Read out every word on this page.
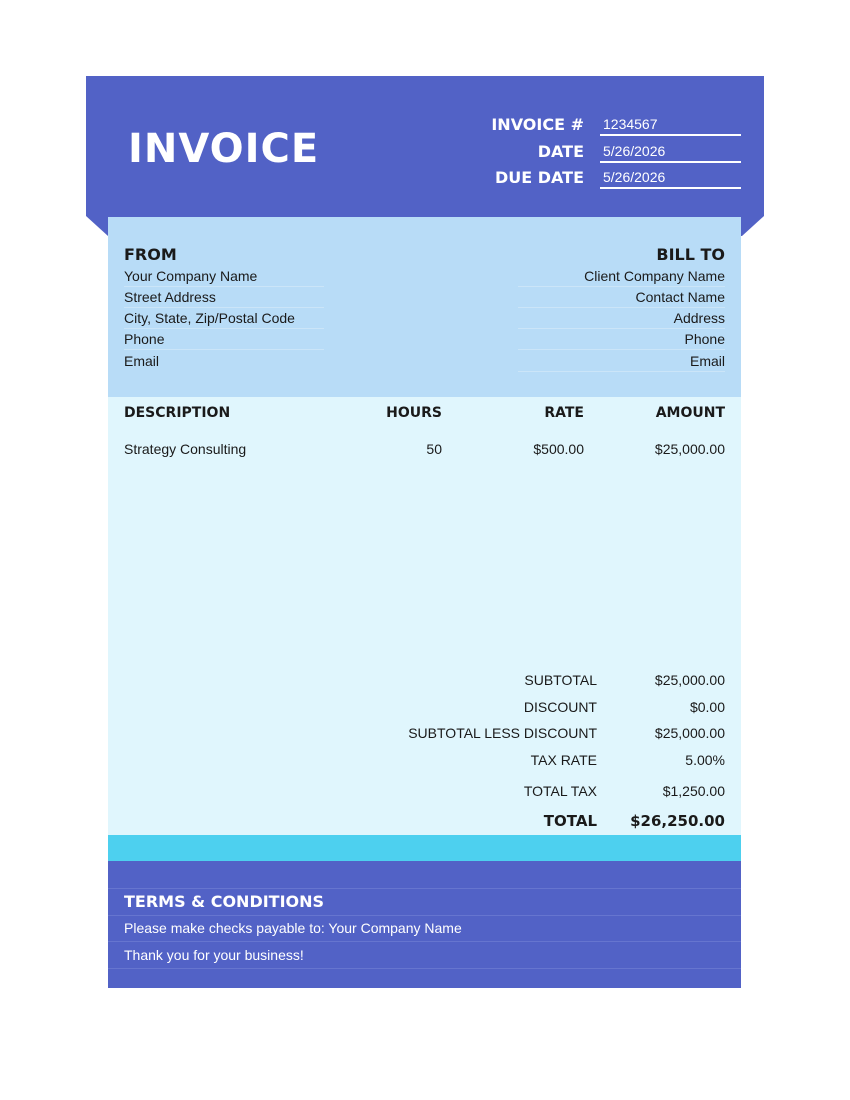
INVOICE
INVOICE # 1234567
DATE 5/26/2026
DUE DATE 5/26/2026
FROM	BILL TO
Your Company Name
Street Address
City, State, Zip/Postal Code
Phone
Email
Client Company Name
Contact Name
Address
Phone
Email
DESCRIPTION	HOURS	RATE	AMOUNT
Strategy Consulting	50	$500.00	$25,000.00
SUBTOTAL	$25,000.00
DISCOUNT	$0.00
SUBTOTAL LESS DISCOUNT	$25,000.00
TAX RATE	5.00%
TOTAL TAX	$1,250.00
TOTAL	$26,250.00
TERMS & CONDITIONS
Please make checks payable to: Your Company Name
Thank you for your business!
